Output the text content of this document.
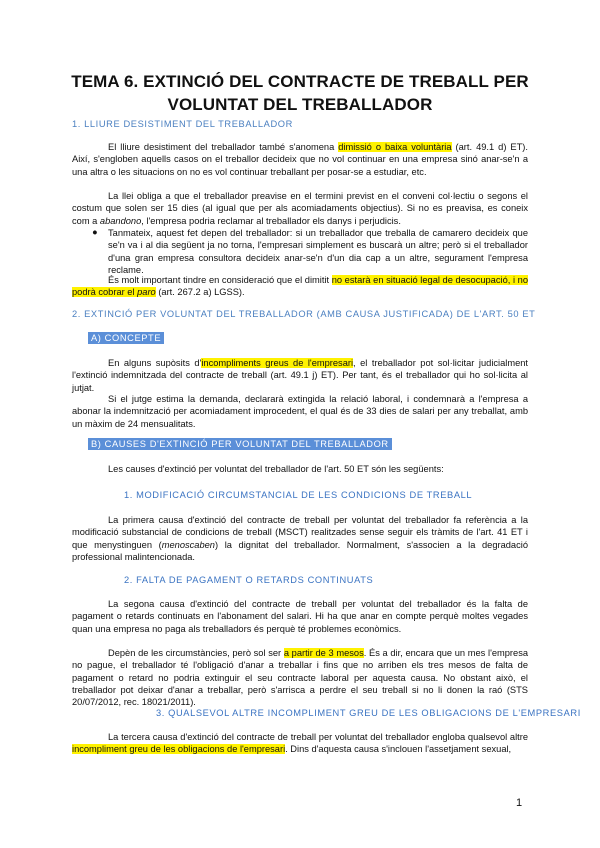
TEMA 6. EXTINCIÓ DEL CONTRACTE DE TREBALL PER VOLUNTAT DEL TREBALLADOR
1. LLIURE DESISTIMENT DEL TREBALLADOR
El lliure desistiment del treballador també s'anomena dimissió o baixa voluntària (art. 49.1 d) ET). Així, s'engloben aquells casos on el treballor decideix que no vol continuar en una empresa sinó anar-se'n a una altra o les situacions on no es vol continuar treballant per posar-se a estudiar, etc.
La llei obliga a que el treballador preavise en el termini previst en el conveni col·lectiu o segons el costum que solen ser 15 dies (al igual que per als acomiadaments objectius). Si no es preavisa, es coneix com a abandono, l'empresa podria reclamar al treballador els danys i perjudicis.
● Tanmateix, aquest fet depen del treballador: si un treballador que treballa de camarero decideix que se'n va i al dia següent ja no torna, l'empresari simplement es buscarà un altre; però si el treballador d'una gran empresa consultora decideix anar-se'n d'un dia cap a un altre, segurament l'empresa reclame.
És molt important tindre en consideració que el dimitit no estarà en situació legal de desocupació, i no podrà cobrar el paro (art. 267.2 a) LGSS).
2. EXTINCIÓ PER VOLUNTAT DEL TREBALLADOR (AMB CAUSA JUSTIFICADA) DE L'ART. 50 ET
A) CONCEPTE
En alguns supòsits d'incompliments greus de l'empresari, el treballador pot sol·licitar judicialment l'extinció indemnitzada del contracte de treball (art. 49.1 j) ET). Per tant, és el treballador qui ho sol·licita al jutjat.
Si el jutge estima la demanda, declararà extingida la relació laboral, i condemnarà a l'empresa a abonar la indemnització per acomiadament improcedent, el qual és de 33 dies de salari per any treballat, amb un màxim de 24 mensualitats.
B) CAUSES D'EXTINCIÓ PER VOLUNTAT DEL TREBALLADOR
Les causes d'extinció per voluntat del treballador de l'art. 50 ET són les següents:
1. MODIFICACIÓ CIRCUMSTANCIAL DE LES CONDICIONS DE TREBALL
La primera causa d'extinció del contracte de treball per voluntat del treballador fa referència a la modificació substancial de condicions de treball (MSCT) realitzades sense seguir els tràmits de l'art. 41 ET i que menystinguen (menoscaben) la dignitat del treballador. Normalment, s'associen a la degradació professional malintencionada.
2. FALTA DE PAGAMENT O RETARDS CONTINUATS
La segona causa d'extinció del contracte de treball per voluntat del treballador és la falta de pagament o retards continuats en l'abonament del salari. Hi ha que anar en compte perquè moltes vegades quan una empresa no paga als treballadors és perquè té problemes econòmics.
Depèn de les circumstàncies, però sol ser a partir de 3 mesos. És a dir, encara que un mes l'empresa no pague, el treballador té l'obligació d'anar a treballar i fins que no arriben els tres mesos de falta de pagament o retard no podria extinguir el seu contracte laboral per aquesta causa. No obstant això, el treballador pot deixar d'anar a treballar, però s'arrisca a perdre el seu treball si no li donen la raó (STS 20/07/2012, rec. 18021/2011).
3. QUALSEVOL ALTRE INCOMPLIMENT GREU DE LES OBLIGACIONS DE L'EMPRESARI
La tercera causa d'extinció del contracte de treball per voluntat del treballador engloba qualsevol altre incompliment greu de les obligacions de l'empresari. Dins d'aquesta causa s'inclouen l'assetjament sexual,
1
